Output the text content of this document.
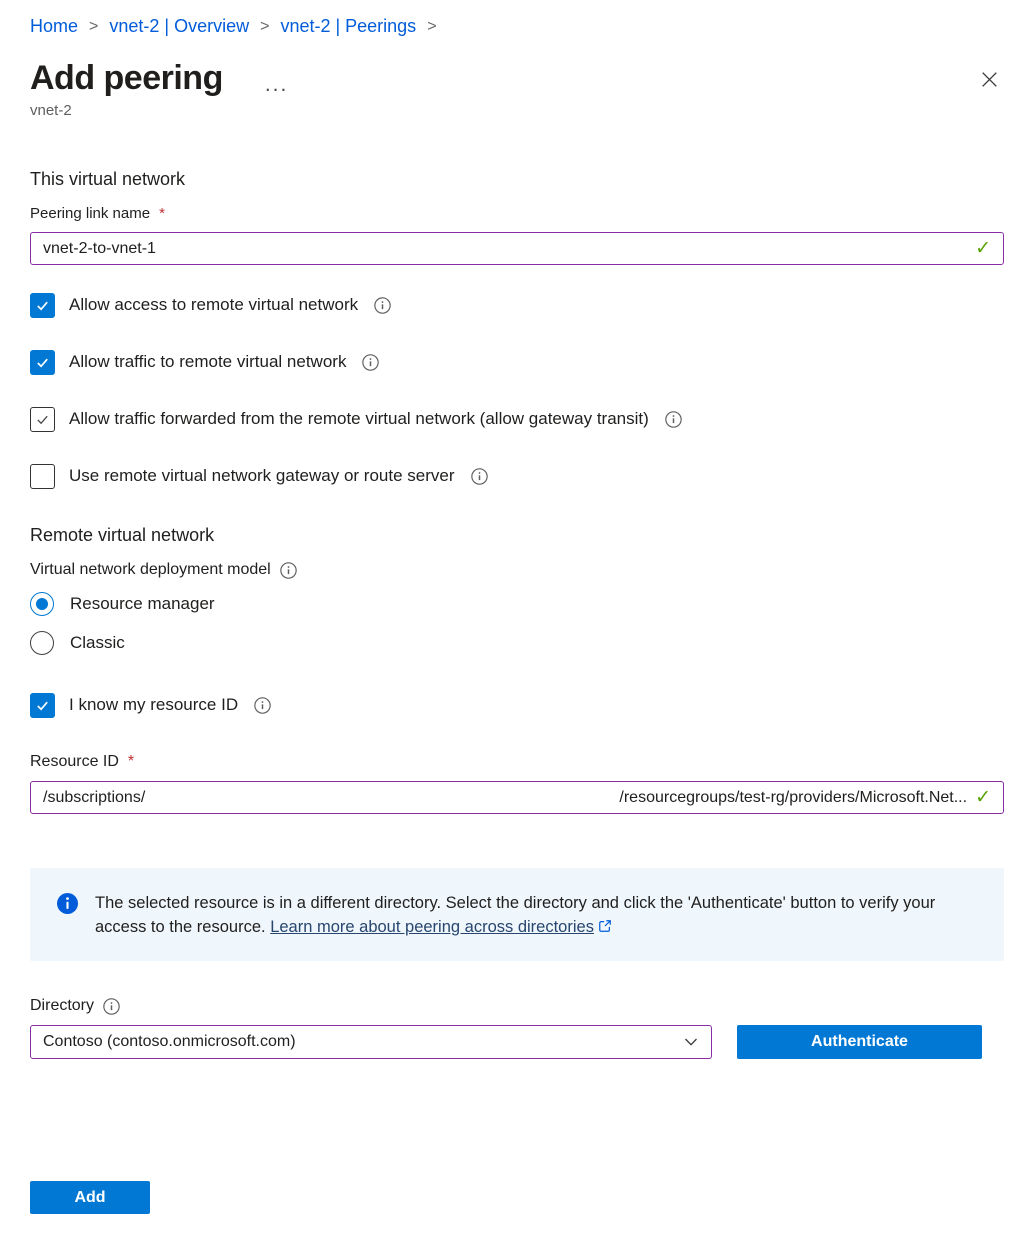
Home > vnet-2 | Overview > vnet-2 | Peerings >
Add peering ...
vnet-2
This virtual network
Peering link name *
vnet-2-to-vnet-1	✓
Allow access to remote virtual network
Allow traffic to remote virtual network
Allow traffic forwarded from the remote virtual network (allow gateway transit)
Use remote virtual network gateway or route server
Remote virtual network
Virtual network deployment model
Resource manager
Classic
I know my resource ID
Resource ID *
/subscriptions/	/resourcegroups/test-rg/providers/Microsoft.Net... ✓
The selected resource is in a different directory. Select the directory and click the 'Authenticate' button to verify your access to the resource. Learn more about peering across directories
Directory
Contoso (contoso.onmicrosoft.com)	Authenticate
Add
